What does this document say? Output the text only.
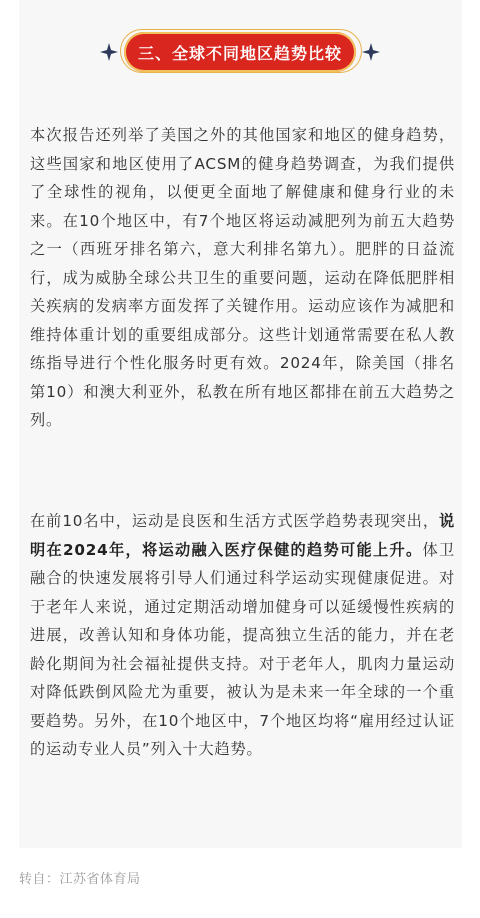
三、全球不同地区趋势比较

本次报告还列举了美国之外的其他国家和地区的健身趋势，这些国家和地区使用了ACSM的健身趋势调查，为我们提供了全球性的视角，以便更全面地了解健康和健身行业的未来。在10个地区中，有7个地区将运动减肥列为前五大趋势之一（西班牙排名第六，意大利排名第九）。肥胖的日益流行，成为威胁全球公共卫生的重要问题，运动在降低肥胖相关疾病的发病率方面发挥了关键作用。运动应该作为减肥和维持体重计划的重要组成部分。这些计划通常需要在私人教练指导进行个性化服务时更有效。2024年，除美国（排名第10）和澳大利亚外，私教在所有地区都排在前五大趋势之列。

在前10名中，运动是良医和生活方式医学趋势表现突出，说明在2024年，将运动融入医疗保健的趋势可能上升。体卫融合的快速发展将引导人们通过科学运动实现健康促进。对于老年人来说，通过定期活动增加健身可以延缓慢性疾病的进展，改善认知和身体功能，提高独立生活的能力，并在老龄化期间为社会福祉提供支持。对于老年人，肌肉力量运动对降低跌倒风险尤为重要，被认为是未来一年全球的一个重要趋势。另外，在10个地区中，7个地区均将“雇用经过认证的运动专业人员”列入十大趋势。

转自：江苏省体育局
